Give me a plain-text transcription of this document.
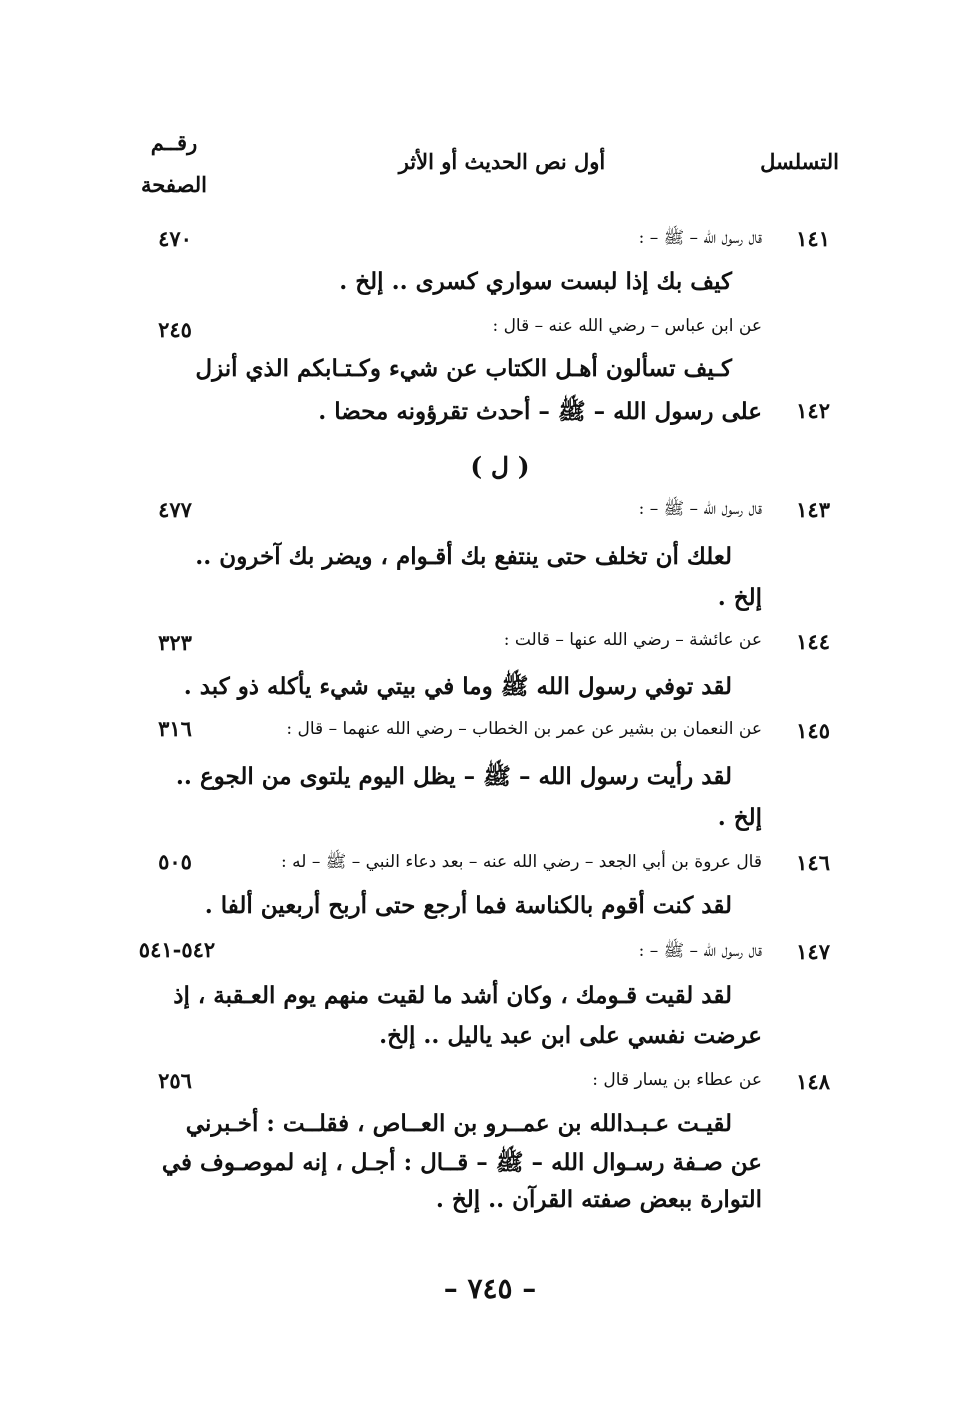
التسلسل
أول نص الحديث أو الأثر
رقــم
الصفحة
١٤١
قال رسول الله – ﷺ – :
٤٧٠
كيف بك إذا لبست سواري كسرى .. إلخ .
عن ابن عباس – رضي الله عنه – قال :
٢٤٥
كـيف تسألون أهـل الكتاب عن شيء وكـتـابكم الذي أنزل
على رسول الله – ﷺ – أحدث تقرؤونه محضا . ١٤٢
( ل )
١٤٣
قال رسول الله – ﷺ – :
٤٧٧
لعلك أن تخلف حتى ينتفع بك أقـوام ، ويضر بك آخرون ..
إلخ .
١٤٤
عن عائشة – رضي الله عنها – قالت :
٣٢٣
لقد توفي رسول الله ﷺ وما في بيتي شيء يأكله ذو كبد .
١٤٥
عن النعمان بن بشير عن عمر بن الخطاب – رضي الله عنهما – قال :
٣١٦
لقد رأيت رسول الله – ﷺ – يظل اليوم يلتوى من الجوع ..
إلخ .
١٤٦
قال عروة بن أبي الجعد – رضي الله عنه – بعد دعاء النبي – ﷺ – له :
٥٠٥
لقد كنت أقوم بالكناسة فما أرجع حتى أربح أربعين ألفا .
١٤٧
قال رسول الله – ﷺ – :
٥٤٢-٥٤١
لقد لقيت قـومك ، وكان أشد ما لقيت منهم يوم العـقبة ، إذ
عرضت نفسي على ابن عبد ياليل .. إلخ.
١٤٨
عن عطاء بن يسار قال :
٢٥٦
لقيـت عـبـدالله بن عمــرو بن العــاص ، فقلــت : أخـبرني
عن صـفة رسـوال الله – ﷺ – قــال : أجـل ، إنه لموصـوف في
التوارة ببعض صفته القرآن .. إلخ .
– ٧٤٥ –
